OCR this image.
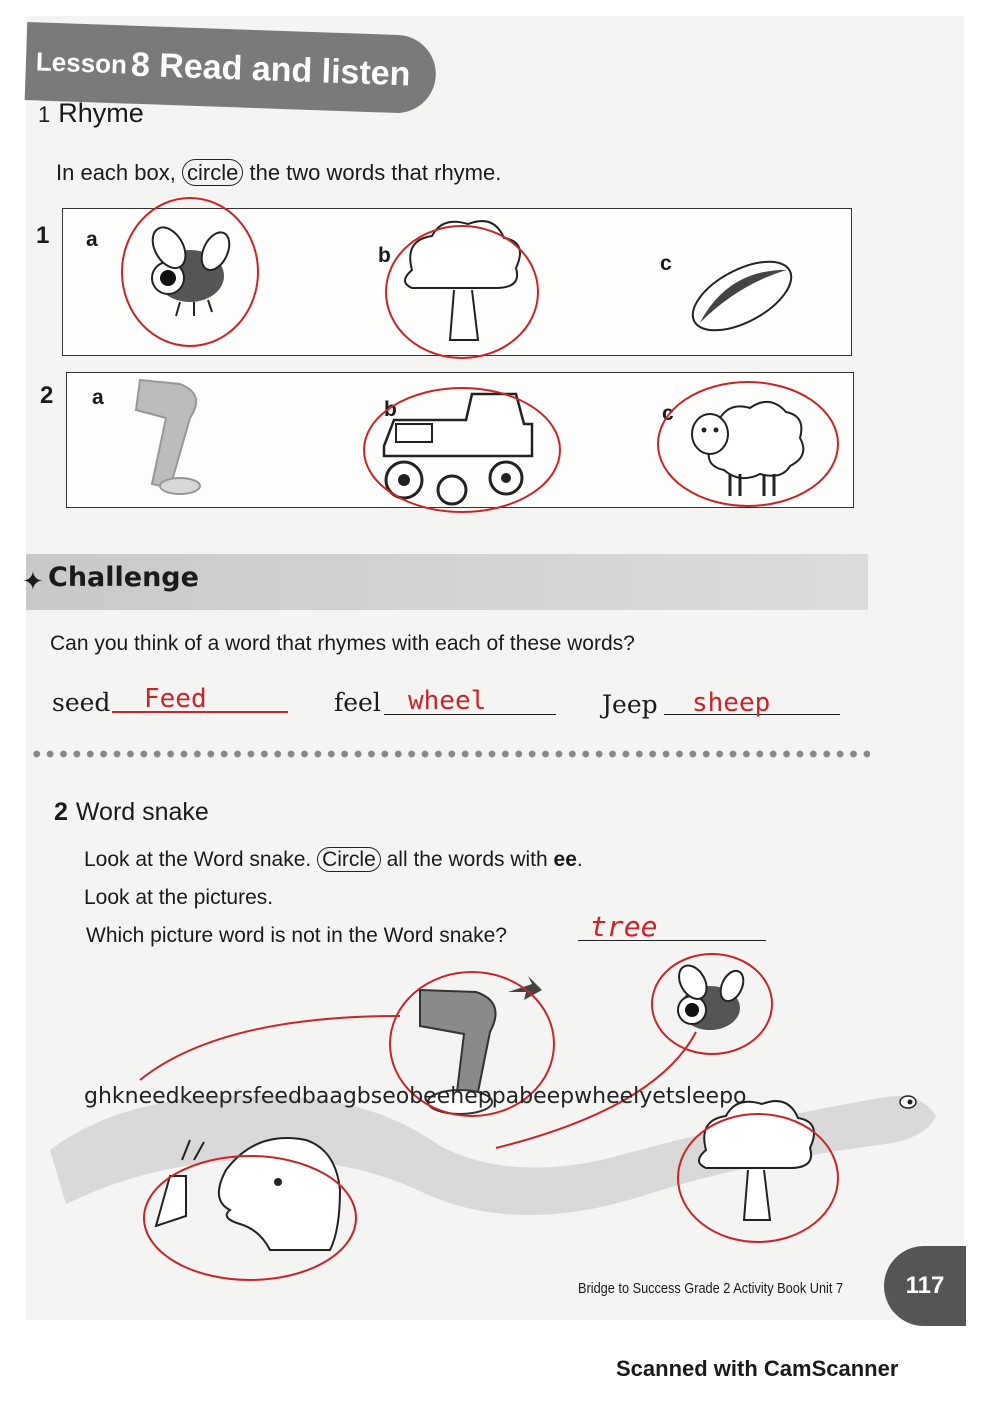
Lesson 8 Read and listen
1 Rhyme
In each box, circle the two words that rhyme.
1 a
b	c
2 a
b	c
✦ Challenge
Can you think of a word that rhymes with each of these words?
seed Feed	feel wheel	Jeep sheep
2 Word snake
Look at the Word snake. Circle all the words with ee.
Look at the pictures.
Which picture word is not in the Word snake?	tree
ghkneedkeeprsfeedbaagbseobeeheppabeepwheelyetsleepo
Bridge to Success Grade 2 Activity Book Unit 7	117
Scanned with CamScanner
